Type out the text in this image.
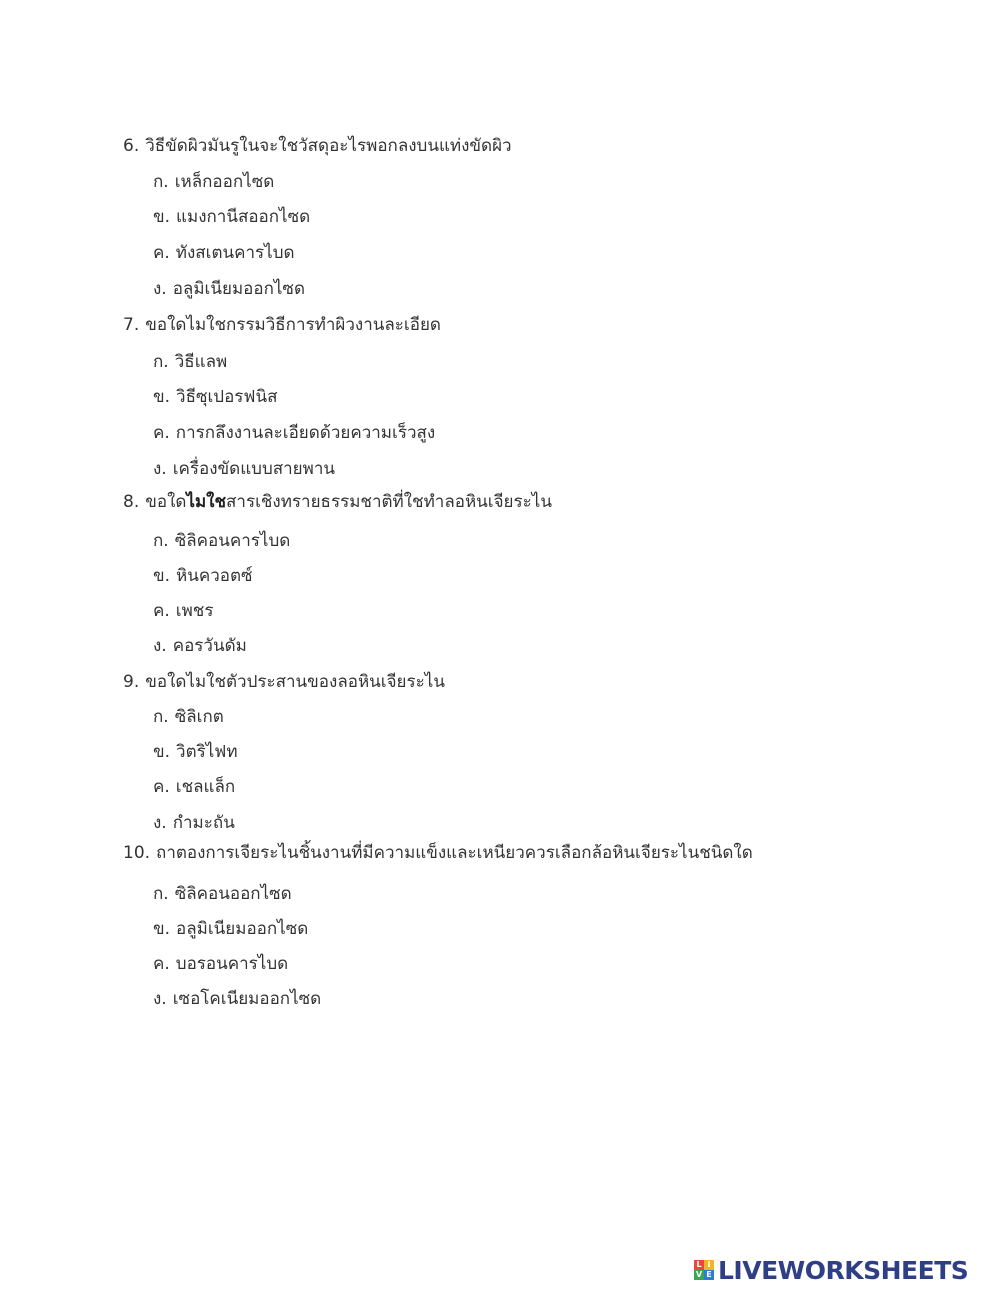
6. วิธีขัดผิวมันรูในจะใชวัสดุอะไรพอกลงบนแท่งขัดผิว
ก. เหล็กออกไซด
ข. แมงกานีสออกไซด
ค. ทังสเตนคารไบด
ง. อลูมิเนียมออกไซด
7. ขอใดไมใชกรรมวิธีการทำผิวงานละเอียด
ก. วิธีแลพ
ข. วิธีซุเปอรฟนิส
ค. การกลึงงานละเอียดด้วยความเร็วสูง
ง. เครื่องขัดแบบสายพาน
8. ขอใดไมใชสารเชิงทรายธรรมชาติที่ใชทำลอหินเจียระไน
ก. ซิลิคอนคารไบด
ข. หินควอตซ์
ค. เพชร
ง. คอรวันดัม
9. ขอใดไมใชตัวประสานของลอหินเจียระไน
ก. ซิลิเกต
ข. วิตริไฟท
ค. เชลแล็ก
ง. กำมะถัน
10. ถาตองการเจียระไนชิ้นงานที่มีความแข็งและเหนียวควรเลือกล้อหินเจียระไนชนิดใด
ก. ซิลิคอนออกไซด
ข. อลูมิเนียมออกไซด
ค. บอรอนคารไบด
ง. เซอโคเนียมออกไซด
L I
V E LIVEWORKSHEETS
